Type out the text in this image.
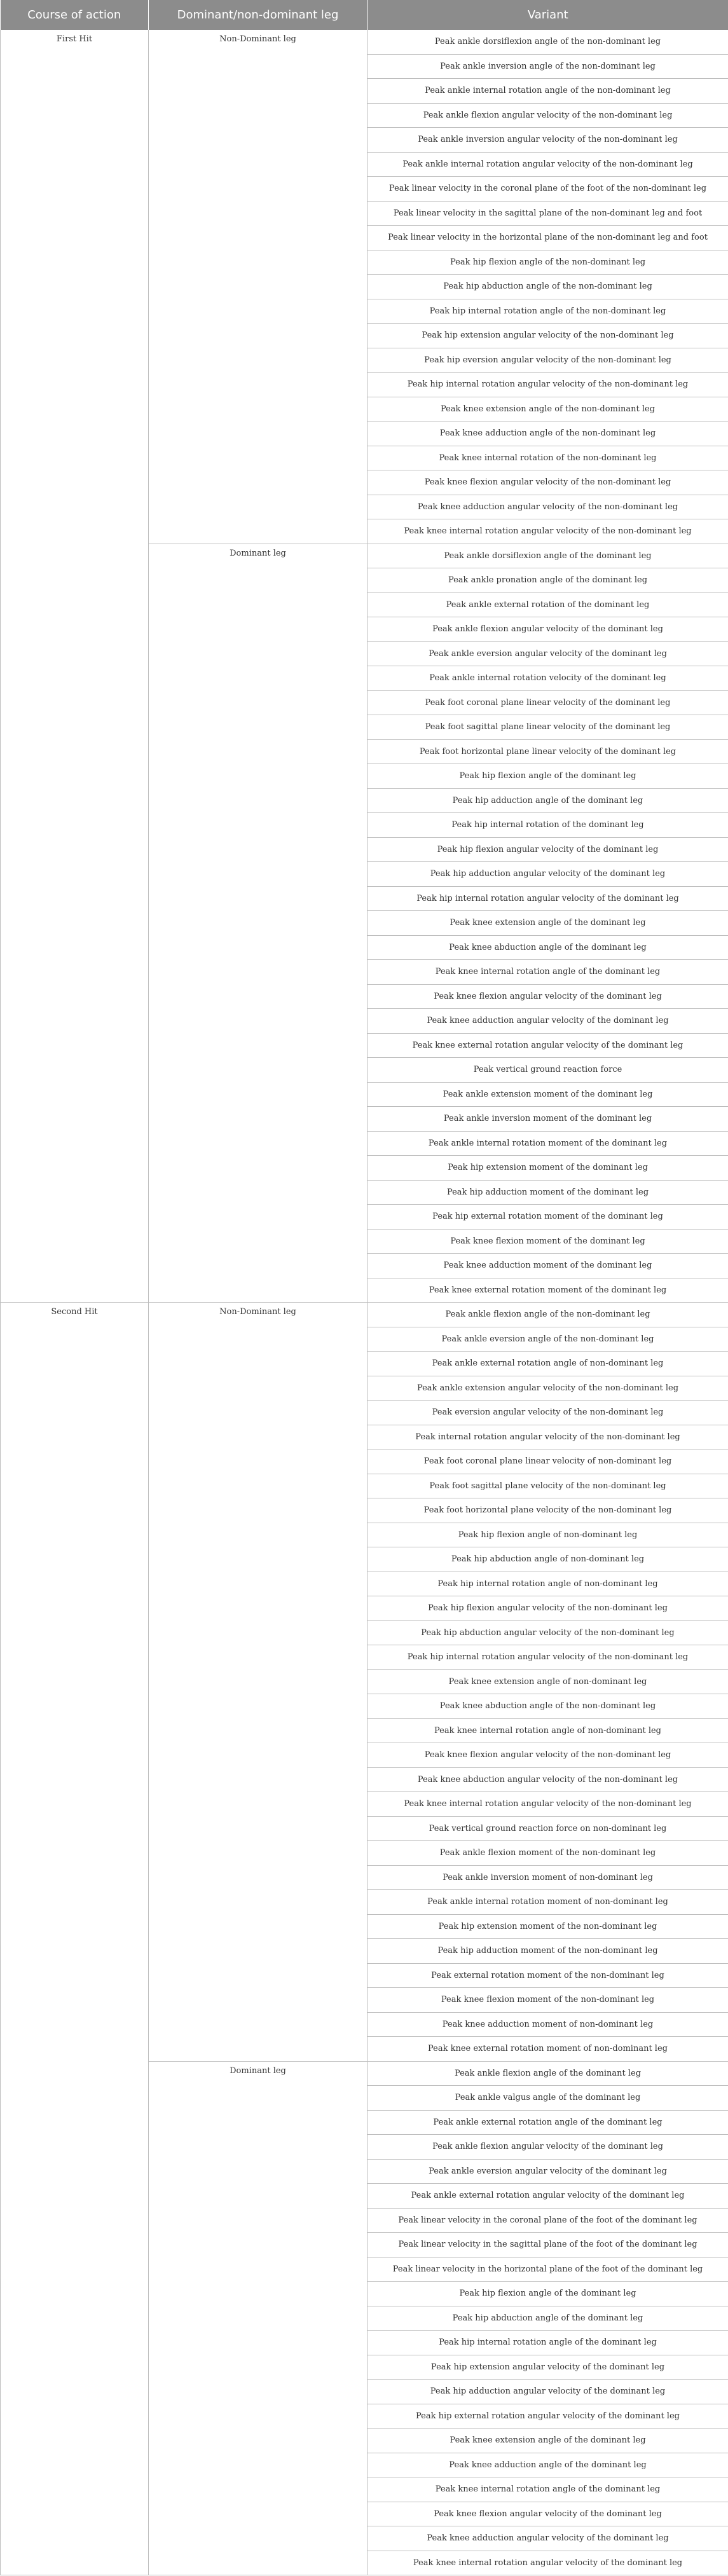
Course of action	Dominant/non-dominant leg	Variant
First Hit	Non-Dominant leg	Peak ankle dorsiflexion angle of the non-dominant leg
		Peak ankle inversion angle of the non-dominant leg
		Peak ankle internal rotation angle of the non-dominant leg
		Peak ankle flexion angular velocity of the non-dominant leg
		Peak ankle inversion angular velocity of the non-dominant leg
		Peak ankle internal rotation angular velocity of the non-dominant leg
		Peak linear velocity in the coronal plane of the foot of the non-dominant leg
		Peak linear velocity in the sagittal plane of the non-dominant leg and foot
		Peak linear velocity in the horizontal plane of the non-dominant leg and foot
		Peak hip flexion angle of the non-dominant leg
		Peak hip abduction angle of the non-dominant leg
		Peak hip internal rotation angle of the non-dominant leg
		Peak hip extension angular velocity of the non-dominant leg
		Peak hip eversion angular velocity of the non-dominant leg
		Peak hip internal rotation angular velocity of the non-dominant leg
		Peak knee extension angle of the non-dominant leg
		Peak knee adduction angle of the non-dominant leg
		Peak knee internal rotation of the non-dominant leg
		Peak knee flexion angular velocity of the non-dominant leg
		Peak knee adduction angular velocity of the non-dominant leg
		Peak knee internal rotation angular velocity of the non-dominant leg
	Dominant leg	Peak ankle dorsiflexion angle of the dominant leg
		Peak ankle pronation angle of the dominant leg
		Peak ankle external rotation of the dominant leg
		Peak ankle flexion angular velocity of the dominant leg
		Peak ankle eversion angular velocity of the dominant leg
		Peak ankle internal rotation velocity of the dominant leg
		Peak foot coronal plane linear velocity of the dominant leg
		Peak foot sagittal plane linear velocity of the dominant leg
		Peak foot horizontal plane linear velocity of the dominant leg
		Peak hip flexion angle of the dominant leg
		Peak hip adduction angle of the dominant leg
		Peak hip internal rotation of the dominant leg
		Peak hip flexion angular velocity of the dominant leg
		Peak hip adduction angular velocity of the dominant leg
		Peak hip internal rotation angular velocity of the dominant leg
		Peak knee extension angle of the dominant leg
		Peak knee abduction angle of the dominant leg
		Peak knee internal rotation angle of the dominant leg
		Peak knee flexion angular velocity of the dominant leg
		Peak knee adduction angular velocity of the dominant leg
		Peak knee external rotation angular velocity of the dominant leg
		Peak vertical ground reaction force
		Peak ankle extension moment of the dominant leg
		Peak ankle inversion moment of the dominant leg
		Peak ankle internal rotation moment of the dominant leg
		Peak hip extension moment of the dominant leg
		Peak hip adduction moment of the dominant leg
		Peak hip external rotation moment of the dominant leg
		Peak knee flexion moment of the dominant leg
		Peak knee adduction moment of the dominant leg
		Peak knee external rotation moment of the dominant leg
Second Hit	Non-Dominant leg	Peak ankle flexion angle of the non-dominant leg
		Peak ankle eversion angle of the non-dominant leg
		Peak ankle external rotation angle of non-dominant leg
		Peak ankle extension angular velocity of the non-dominant leg
		Peak eversion angular velocity of the non-dominant leg
		Peak internal rotation angular velocity of the non-dominant leg
		Peak foot coronal plane linear velocity of non-dominant leg
		Peak foot sagittal plane velocity of the non-dominant leg
		Peak foot horizontal plane velocity of the non-dominant leg
		Peak hip flexion angle of non-dominant leg
		Peak hip abduction angle of non-dominant leg
		Peak hip internal rotation angle of non-dominant leg
		Peak hip flexion angular velocity of the non-dominant leg
		Peak hip abduction angular velocity of the non-dominant leg
		Peak hip internal rotation angular velocity of the non-dominant leg
		Peak knee extension angle of non-dominant leg
		Peak knee abduction angle of the non-dominant leg
		Peak knee internal rotation angle of non-dominant leg
		Peak knee flexion angular velocity of the non-dominant leg
		Peak knee abduction angular velocity of the non-dominant leg
		Peak knee internal rotation angular velocity of the non-dominant leg
		Peak vertical ground reaction force on non-dominant leg
		Peak ankle flexion moment of the non-dominant leg
		Peak ankle inversion moment of non-dominant leg
		Peak ankle internal rotation moment of non-dominant leg
		Peak hip extension moment of the non-dominant leg
		Peak hip adduction moment of the non-dominant leg
		Peak external rotation moment of the non-dominant leg
		Peak knee flexion moment of the non-dominant leg
		Peak knee adduction moment of non-dominant leg
		Peak knee external rotation moment of non-dominant leg
	Dominant leg	Peak ankle flexion angle of the dominant leg
		Peak ankle valgus angle of the dominant leg
		Peak ankle external rotation angle of the dominant leg
		Peak ankle flexion angular velocity of the dominant leg
		Peak ankle eversion angular velocity of the dominant leg
		Peak ankle external rotation angular velocity of the dominant leg
		Peak linear velocity in the coronal plane of the foot of the dominant leg
		Peak linear velocity in the sagittal plane of the foot of the dominant leg
		Peak linear velocity in the horizontal plane of the foot of the dominant leg
		Peak hip flexion angle of the dominant leg
		Peak hip abduction angle of the dominant leg
		Peak hip internal rotation angle of the dominant leg
		Peak hip extension angular velocity of the dominant leg
		Peak hip adduction angular velocity of the dominant leg
		Peak hip external rotation angular velocity of the dominant leg
		Peak knee extension angle of the dominant leg
		Peak knee adduction angle of the dominant leg
		Peak knee internal rotation angle of the dominant leg
		Peak knee flexion angular velocity of the dominant leg
		Peak knee adduction angular velocity of the dominant leg
		Peak knee internal rotation angular velocity of the dominant leg
